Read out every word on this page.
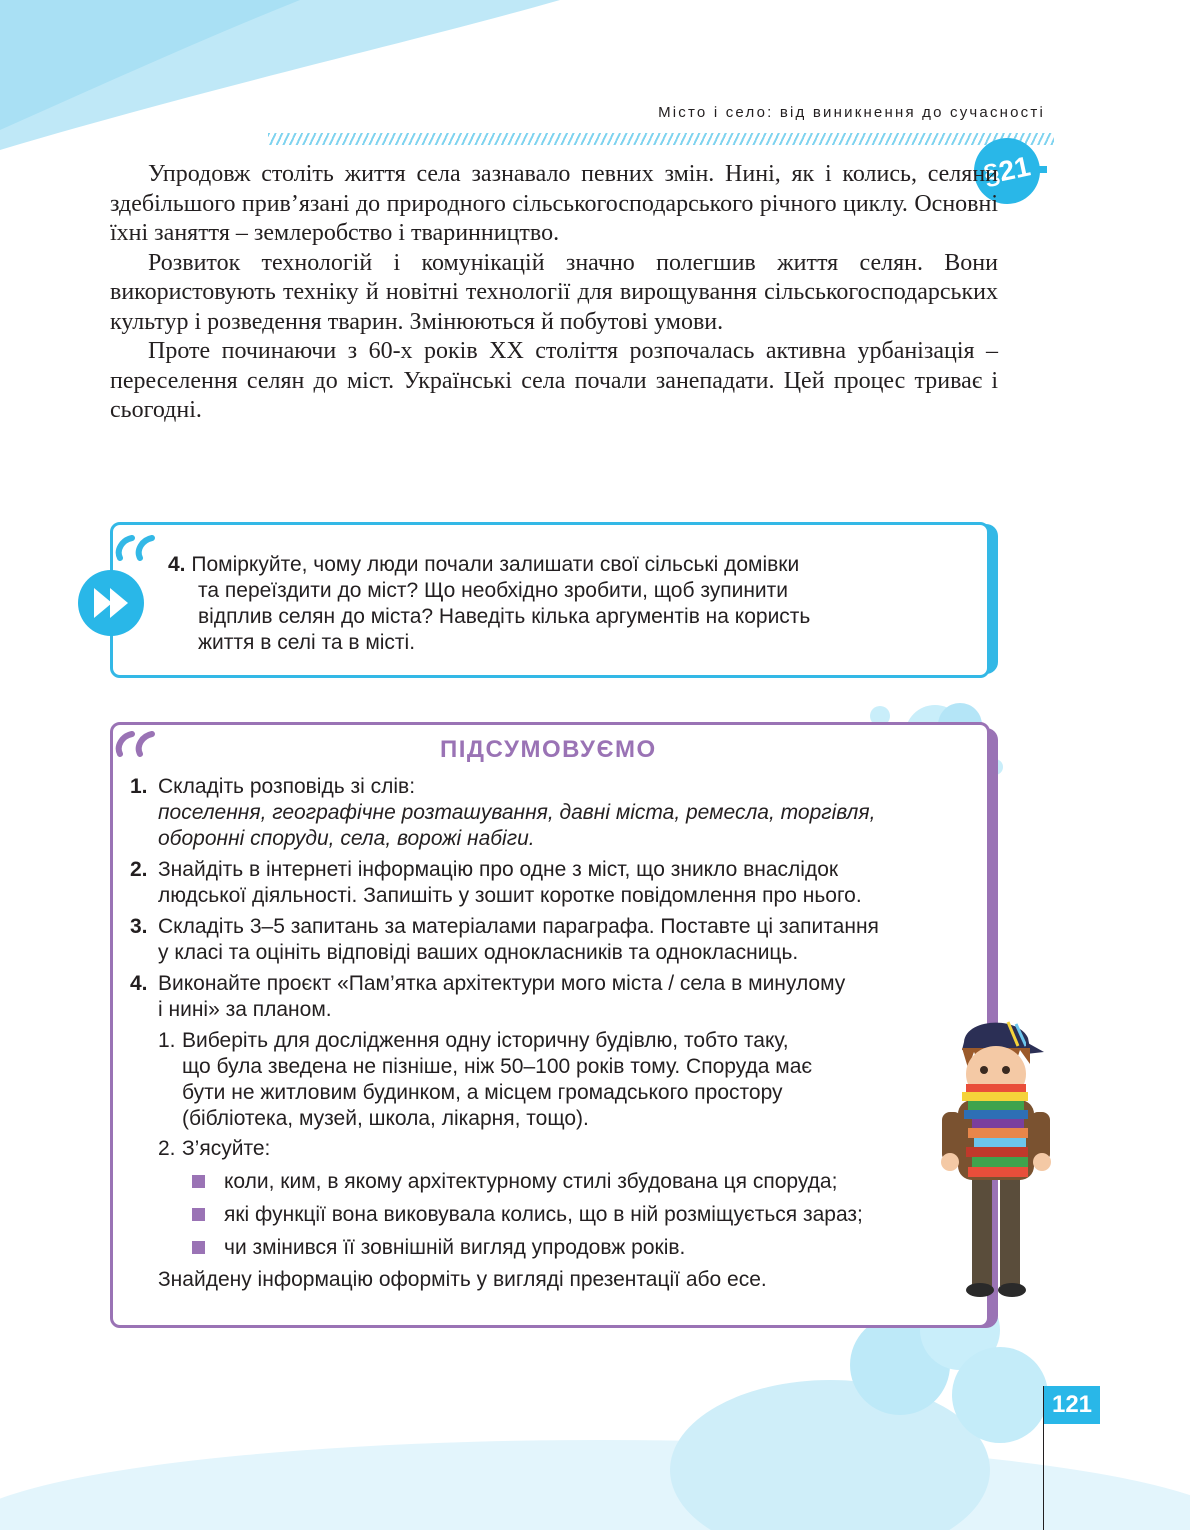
Місто і село: від виникнення до сучасності
§21

Упродовж століть життя села зазнавало певних змін. Нині, як і колись, селяни здебільшого прив’язані до природного сільськогосподарського річного циклу. Основні їхні заняття – землеробство і тваринництво.

Розвиток технологій і комунікацій значно полегшив життя селян. Вони використовують техніку й новітні технології для вирощування сільськогосподарських культур і розведення тварин. Змінюються й побутові умови.

Проте починаючи з 60-х років XX століття розпочалась активна урбанізація – переселення селян до міст. Українські села почали занепадати. Цей процес триває і сьогодні.

4. Поміркуйте, чому люди почали залишати свої сільські домівки
та переїздити до міст? Що необхідно зробити, щоб зупинити
відплив селян до міста? Наведіть кілька аргументів на користь
життя в селі та в місті.
ПІДСУМОВУЄМО
1. Складіть розповідь зі слів:
поселення, географічне розташування, давні міста, ремесла, торгівля,
оборонні споруди, села, ворожі набіги.
2. Знайдіть в інтернеті інформацію про одне з міст, що зникло внаслідок
людської діяльності. Запишіть у зошит коротке повідомлення про нього.
3. Складіть 3–5 запитань за матеріалами параграфа. Поставте ці запитання
у класі та оцініть відповіді ваших однокласників та однокласниць.
4. Виконайте проєкт «Пам’ятка архітектури мого міста / села в минулому
і нині» за планом.
1. Виберіть для дослідження одну історичну будівлю, тобто таку,
що була зведена не пізніше, ніж 50–100 років тому. Споруда має
бути не житловим будинком, а місцем громадського простору
(бібліотека, музей, школа, лікарня, тощо).
2. З’ясуйте:
коли, ким, в якому архітектурному стилі збудована ця споруда;
які функції вона виковувала колись, що в ній розміщується зараз;
чи змінився її зовнішній вигляд упродовж років.
Знайдену інформацію оформіть у вигляді презентації або есе.
121
